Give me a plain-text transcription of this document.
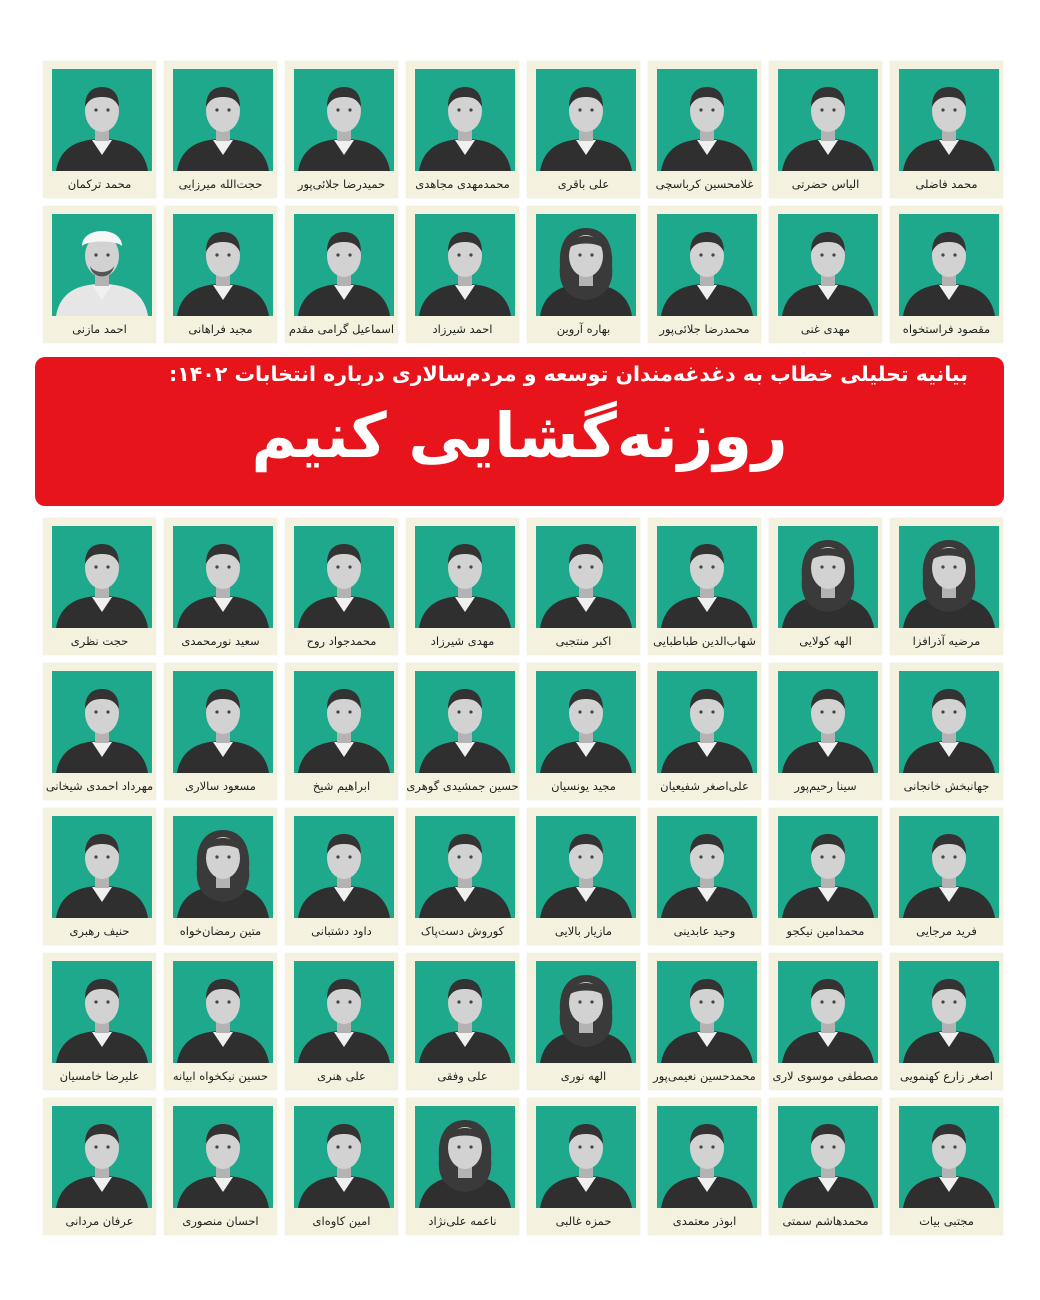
محمد فاضلی
الیاس حضرتی
غلامحسین کرباسچی
علی باقری
محمدمهدی مجاهدی
حمیدرضا جلائی‌پور
حجت‌الله میرزایی
محمد ترکمان
مقصود فراستخواه
مهدی غنی
محمدرضا جلائی‌پور
بهاره آروین
احمد شیرزاد
اسماعیل گرامی مقدم
مجید فراهانی
احمد مازنی
بیانیه تحلیلی خطاب به دغدغه‌مندان توسعه و مردم‌سالاری درباره انتخابات ۱۴۰۲:
روزنه‌گشایی کنیم
مرضیه آذرافزا
الهه کولایی
شهاب‌الدین طباطبایی
اکبر منتجبی
مهدی شیرزاد
محمدجواد روح
سعید نورمحمدی
حجت نظری
جهانبخش خانجانی
سینا رحیم‌پور
علی‌اصغر شفیعیان
مجید یونسیان
حسین جمشیدی گوهری
ابراهیم شیخ
مسعود سالاری
مهرداد احمدی شیخانی
فرید مرجایی
محمدامین نیکجو
وحید عابدینی
مازیار بالایی
کوروش دست‌پاک
داود دشتبانی
متین رمضان‌خواه
حنیف رهبری
اصغر زارع کهنمویی
مصطفی موسوی لاری
محمدحسین نعیمی‌پور
الهه نوری
علی وفقی
علی هنری
حسین نیکخواه ابیانه
علیرضا خامسیان
مجتبی بیات
محمدهاشم سمتی
ابوذر معتمدی
حمزه غالبی
ناعمه علی‌نژاد
امین کاوه‌ای
احسان منصوری
عرفان مردانی
